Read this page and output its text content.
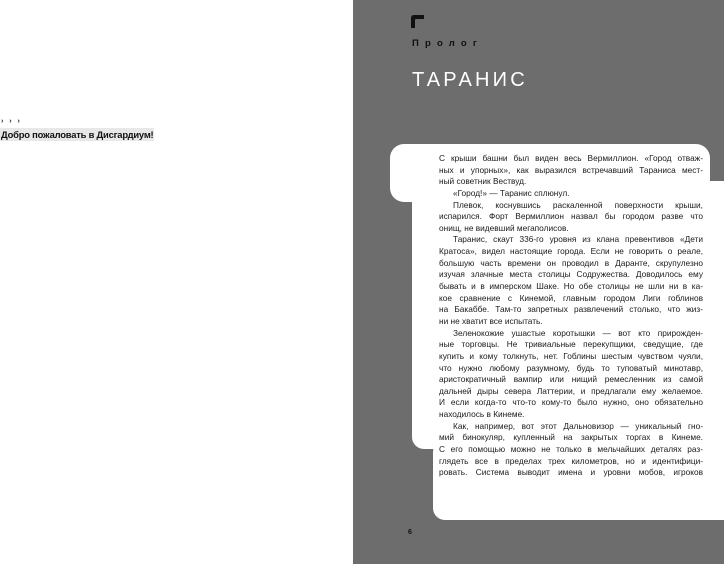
› › ›
Добро пожаловать в Дисгардиум!
Пролог
ТАРАНИС
С крыши башни был виден весь Вермиллион. «Город отваж-
ных и упорных», как выразился встречавший Тараниса мест-
ный советник Вествуд.
«Город!» — Таранис сплюнул.
Плевок, коснувшись раскаленной поверхности крыши,
испарился. Форт Вермиллион назвал бы городом разве что
онищ, не видевший мегаполисов.
Таранис, скаут 336-го уровня из клана превентивов «Дети
Кратоса», видел настоящие города. Если не говорить о реале,
большую часть времени он проводил в Даранте, скрупулезно
изучая злачные места столицы Содружества. Доводилось ему
бывать и в имперском Шаке. Но обе столицы не шли ни в ка-
кое сравнение с Кинемой, главным городом Лиги гоблинов
на Бакаббе. Там-то запретных развлечений столько, что жиз-
ни не хватит все испытать.
Зеленокожие ушастые коротышки — вот кто прирожден-
ные торговцы. Не тривиальные перекупщики, сведущие, где
купить и кому толкнуть, нет. Гоблины шестым чувством чуяли,
что нужно любому разумному, будь то туповатый минотавр,
аристократичный вампир или нищий ремесленник из самой
дальней дыры севера Латтерии, и предлагали ему желаемое.
И если когда-то что-то кому-то было нужно, оно обязательно
находилось в Кинеме.
Как, например, вот этот Дальновизор — уникальный гно-
мий бинокуляр, купленный на закрытых торгах в Кинеме.
С его помощью можно не только в мельчайших деталях раз-
глядеть все в пределах трех километров, но и идентифици-
ровать. Система выводит имена и уровни мобов, игроков
6
